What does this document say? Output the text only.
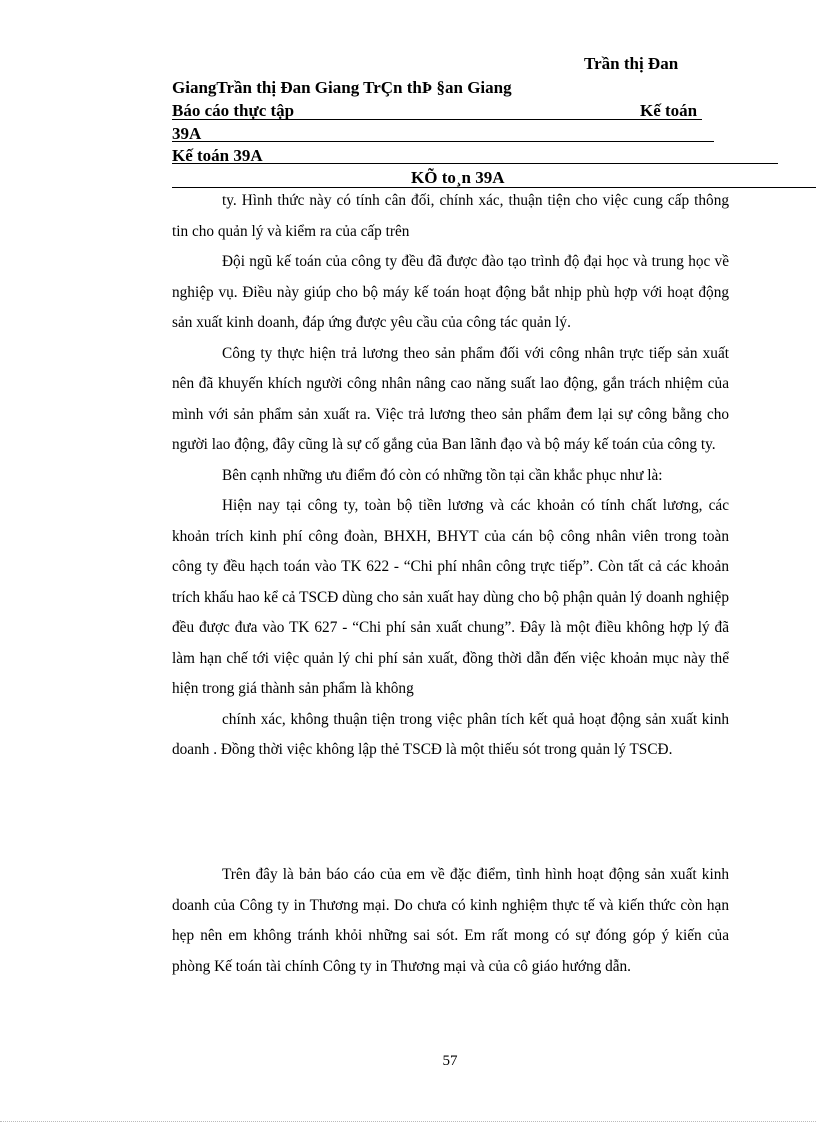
Trần thị Đan
GiangTrần thị Đan Giang TrÇn thÞ §an Giang
Báo cáo thực tập	Kế toán
39A
Kế toán 39A
KÕ to¸n 39A

ty. Hình thức này có tính cân đối, chính xác, thuận tiện cho việc cung cấp thông tin cho quản lý và kiểm ra của cấp trên

Đội ngũ kế toán của công ty đều đã được đào tạo trình độ đại học và trung học về nghiệp vụ. Điều này giúp cho bộ máy kế toán hoạt động bắt nhịp phù hợp với hoạt động sản xuất kinh doanh, đáp ứng được yêu cầu của công tác quản lý.

Công ty thực hiện trả lương theo sản phẩm đối với công nhân trực tiếp sản xuất nên đã khuyến khích người công nhân nâng cao năng suất lao động, gắn trách nhiệm của mình với sản phẩm sản xuất ra. Việc trả lương theo sản phẩm đem lại sự công bằng cho người lao động, đây cũng là sự cố gắng của Ban lãnh đạo và bộ máy kế toán của công ty.

Bên cạnh những ưu điểm đó còn có những tồn tại cần khắc phục như là:

Hiện nay tại công ty, toàn bộ tiền lương và các khoản có tính chất lương, các khoản trích kinh phí công đoàn, BHXH, BHYT của cán bộ công nhân viên trong toàn công ty đều hạch toán vào TK 622 - “Chi phí nhân công trực tiếp”. Còn tất cả các khoản trích khấu hao kể cả TSCĐ dùng cho sản xuất hay dùng cho bộ phận quản lý doanh nghiệp đều được đưa vào TK 627 - “Chi phí sản xuất chung”. Đây là một điều không hợp lý đã làm hạn chế tới việc quản lý chi phí sản xuất, đồng thời dẫn đến việc khoản mục này thể hiện trong giá thành sản phẩm là không

chính xác, không thuận tiện trong việc phân tích kết quả hoạt động sản xuất kinh doanh . Đồng thời việc không lập thẻ TSCĐ là một thiếu sót trong quản lý TSCĐ.

Trên đây là bản báo cáo của em về đặc điểm, tình hình hoạt động sản xuất kinh doanh của Công ty in Thương mại. Do chưa có kinh nghiệm thực tế và kiến thức còn hạn hẹp nên em không tránh khỏi những sai sót. Em rất mong có sự đóng góp ý kiến của phòng Kế toán tài chính Công ty in Thương mại và của cô giáo hướng dẫn.

57
